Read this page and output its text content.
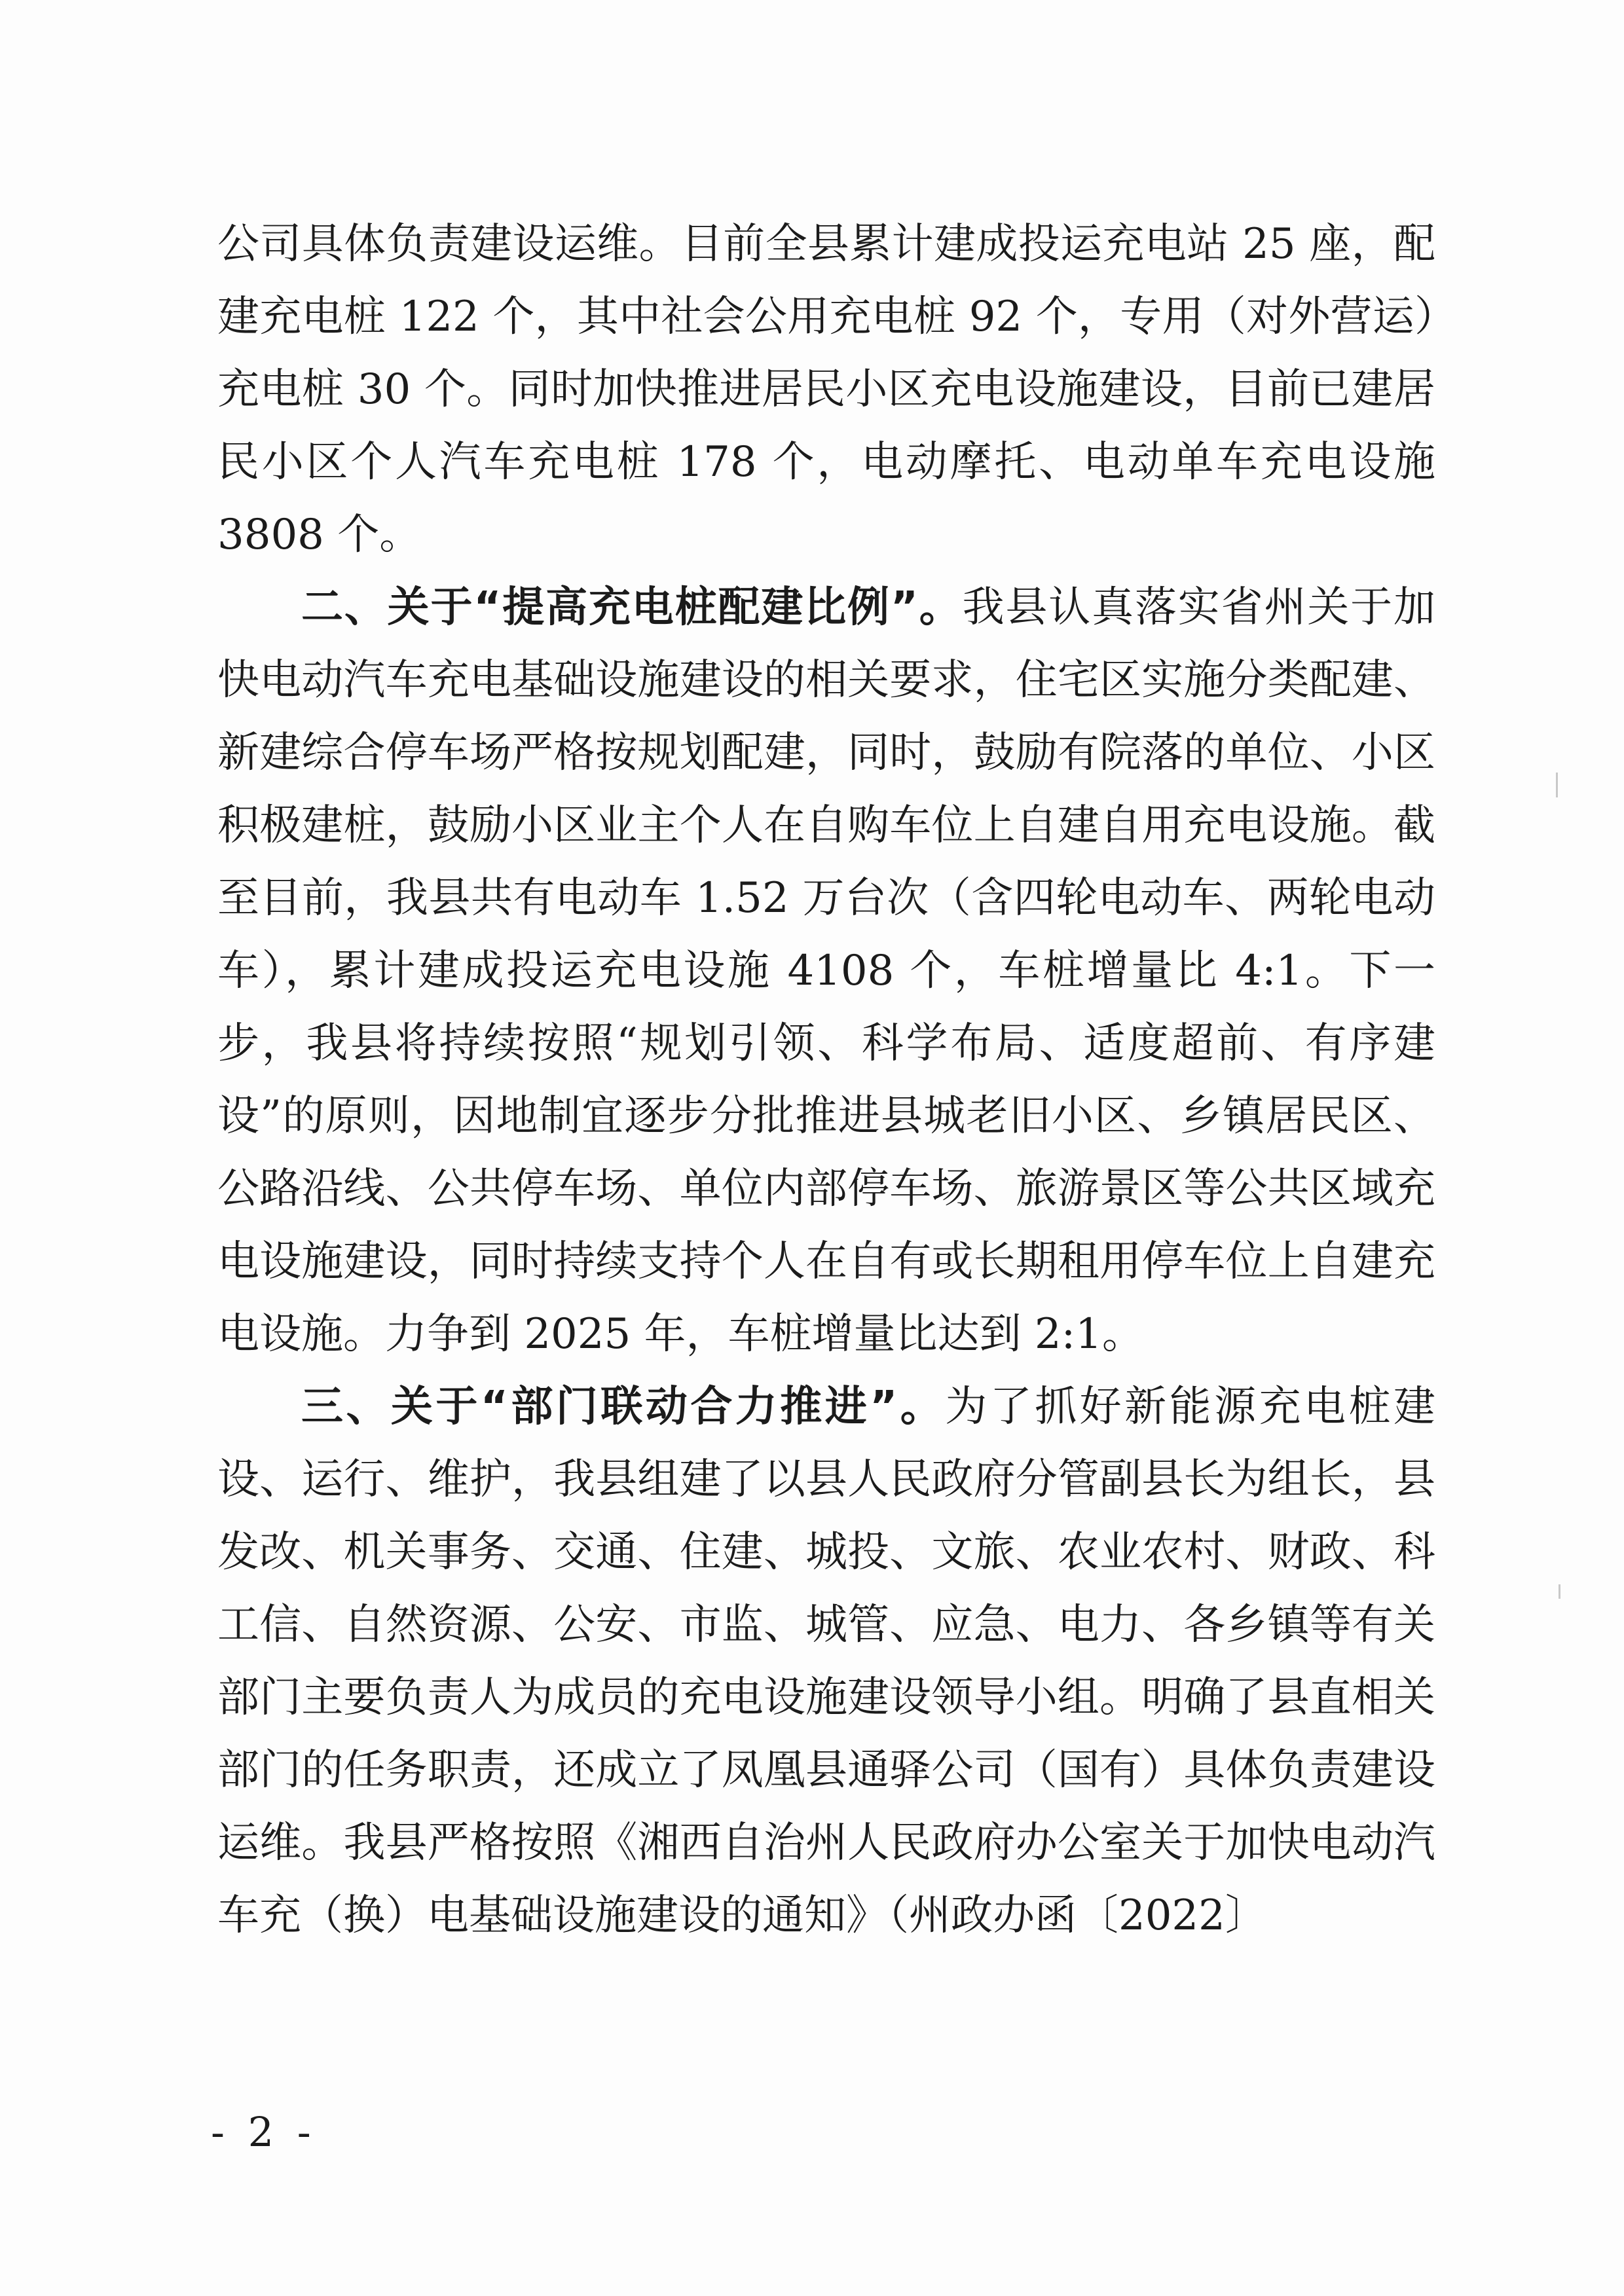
公司具体负责建设运维。目前全县累计建成投运充电站 25 座，配建充电桩 122 个，其中社会公用充电桩 92 个，专用（对外营运）充电桩 30 个。同时加快推进居民小区充电设施建设，目前已建居民小区个人汽车充电桩 178 个，电动摩托、电动单车充电设施 3808 个。

二、关于“提高充电桩配建比例”。我县认真落实省州关于加快电动汽车充电基础设施建设的相关要求，住宅区实施分类配建、新建综合停车场严格按规划配建，同时，鼓励有院落的单位、小区积极建桩，鼓励小区业主个人在自购车位上自建自用充电设施。截至目前，我县共有电动车 1.52 万台次（含四轮电动车、两轮电动车），累计建成投运充电设施 4108 个，车桩增量比 4:1。下一步，我县将持续按照“规划引领、科学布局、适度超前、有序建设”的原则，因地制宜逐步分批推进县城老旧小区、乡镇居民区、公路沿线、公共停车场、单位内部停车场、旅游景区等公共区域充电设施建设，同时持续支持个人在自有或长期租用停车位上自建充电设施。力争到 2025 年，车桩增量比达到 2:1。

三、关于“部门联动合力推进”。为了抓好新能源充电桩建设、运行、维护，我县组建了以县人民政府分管副县长为组长，县发改、机关事务、交通、住建、城投、文旅、农业农村、财政、科工信、自然资源、公安、市监、城管、应急、电力、各乡镇等有关部门主要负责人为成员的充电设施建设领导小组。明确了县直相关部门的任务职责，还成立了凤凰县通驿公司（国有）具体负责建设运维。我县严格按照《湘西自治州人民政府办公室关于加快电动汽车充（换）电基础设施建设的通知》（州政办函〔2022〕

- 2 -
